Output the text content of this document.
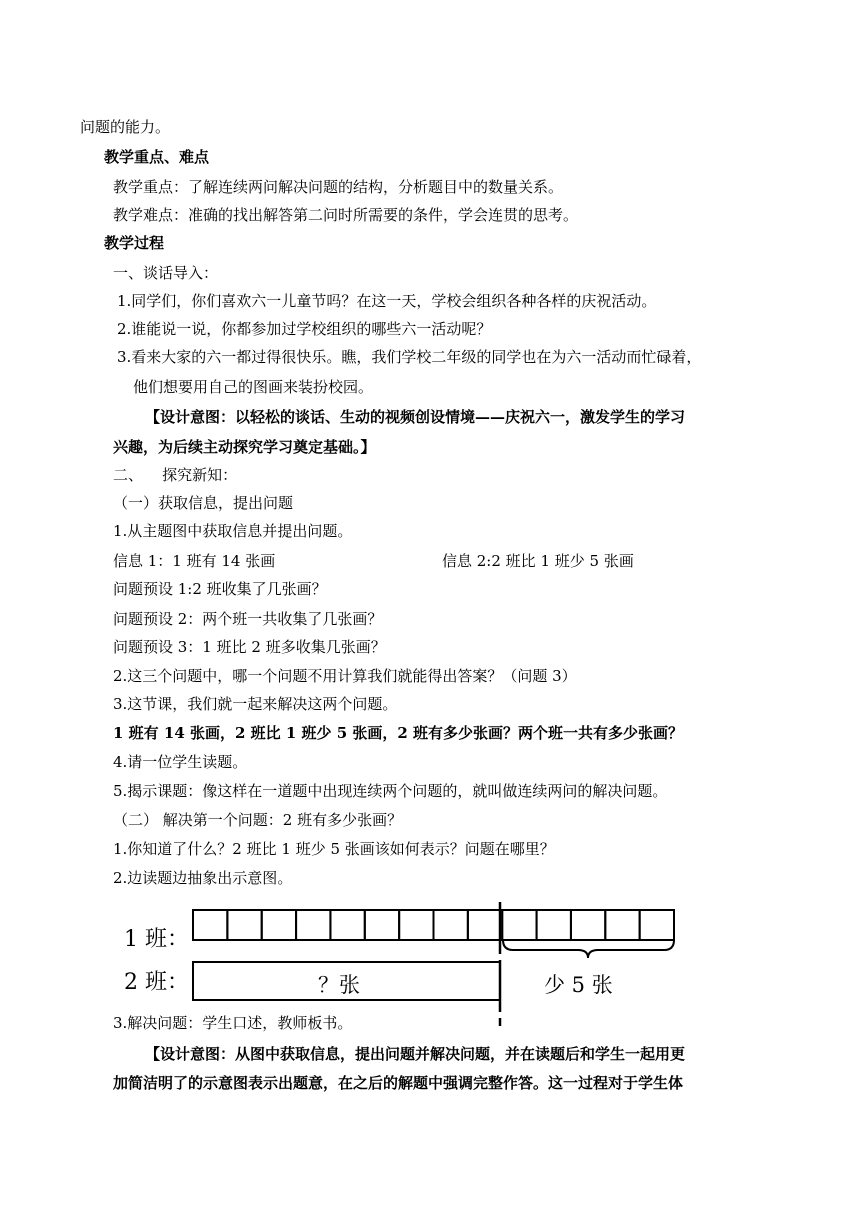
问题的能力。
教学重点、难点
教学重点：了解连续两问解决问题的结构，分析题目中的数量关系。
教学难点：准确的找出解答第二问时所需要的条件，学会连贯的思考。
教学过程
一、谈话导入：
1.同学们，你们喜欢六一儿童节吗？在这一天，学校会组织各种各样的庆祝活动。
2.谁能说一说，你都参加过学校组织的哪些六一活动呢？
3.看来大家的六一都过得很快乐。瞧，我们学校二年级的同学也在为六一活动而忙碌着，
他们想要用自己的图画来装扮校园。
【设计意图：以轻松的谈话、生动的视频创设情境——庆祝六一，激发学生的学习
兴趣，为后续主动探究学习奠定基础。】
二、    探究新知：
（一）获取信息，提出问题
1.从主题图中获取信息并提出问题。
信息 1：1 班有 14 张画	信息 2:2 班比 1 班少 5 张画
问题预设 1:2 班收集了几张画？
问题预设 2：两个班一共收集了几张画？
问题预设 3：1 班比 2 班多收集几张画？
2.这三个问题中，哪一个问题不用计算我们就能得出答案？（问题 3）
3.这节课，我们就一起来解决这两个问题。
1 班有 14 张画，2 班比 1 班少 5 张画，2 班有多少张画？两个班一共有多少张画？
4.请一位学生读题。
5.揭示课题：像这样在一道题中出现连续两个问题的，就叫做连续两问的解决问题。
（二） 解决第一个问题：2 班有多少张画？
1.你知道了什么？2 班比 1 班少 5 张画该如何表示？问题在哪里？
2.边读题边抽象出示意图。
1 班：
2 班：	？张	少 5 张
3.解决问题：学生口述，教师板书。
【设计意图：从图中获取信息，提出问题并解决问题，并在读题后和学生一起用更
加简洁明了的示意图表示出题意，在之后的解题中强调完整作答。这一过程对于学生体
